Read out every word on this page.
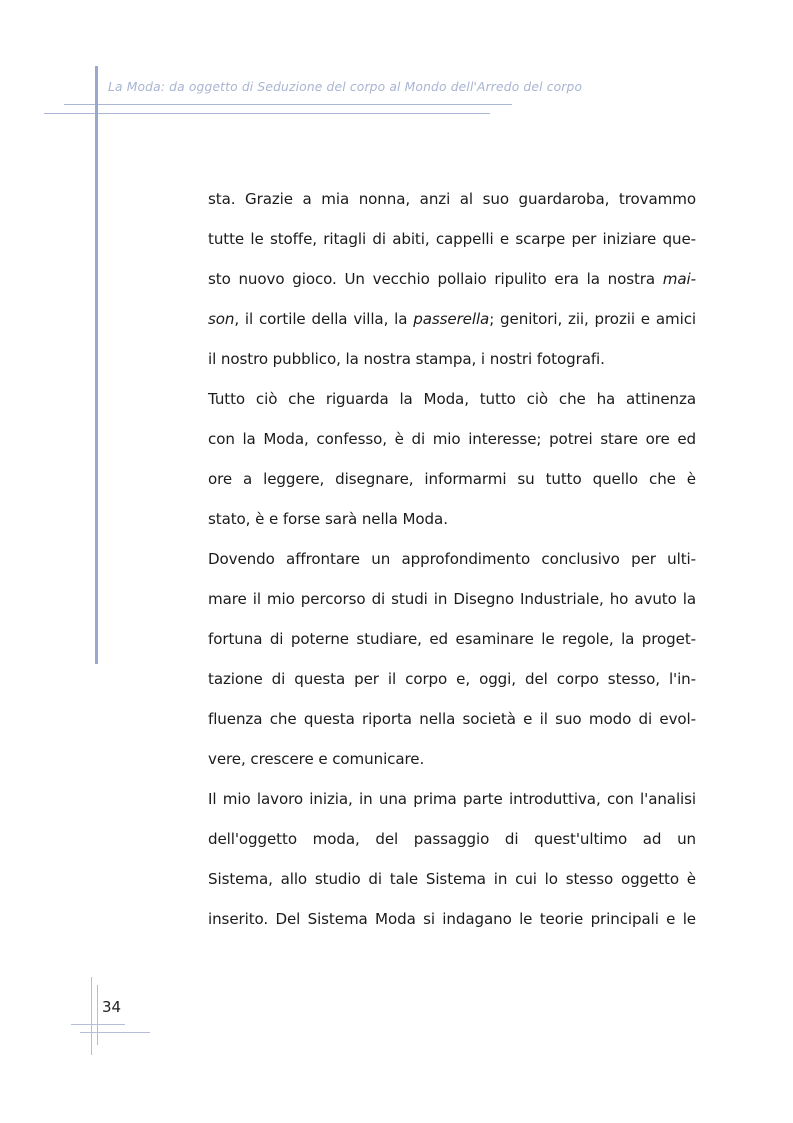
La Moda: da oggetto di Seduzione del corpo al Mondo dell'Arredo del corpo
sta. Grazie a mia nonna, anzi al suo guardaroba, trovammo
tutte le stoffe, ritagli di abiti, cappelli e scarpe per iniziare que-
sto nuovo gioco. Un vecchio pollaio ripulito era la nostra mai-
son, il cortile della villa, la passerella; genitori, zii, prozii e amici
il nostro pubblico, la nostra stampa, i nostri fotografi.
Tutto ciò che riguarda la Moda, tutto ciò che ha attinenza
con la Moda, confesso, è di mio interesse; potrei stare ore ed
ore a leggere, disegnare, informarmi su tutto quello che è
stato, è e forse sarà nella Moda.
Dovendo affrontare un approfondimento conclusivo per ulti-
mare il mio percorso di studi in Disegno Industriale, ho avuto la
fortuna di poterne studiare, ed esaminare le regole, la proget-
tazione di questa per il corpo e, oggi, del corpo stesso, l'in-
fluenza che questa riporta nella società e il suo modo di evol-
vere, crescere e comunicare.
Il mio lavoro inizia, in una prima parte introduttiva, con l'analisi
dell'oggetto moda, del passaggio di quest'ultimo ad un
Sistema, allo studio di tale Sistema in cui lo stesso oggetto è
inserito. Del Sistema Moda si indagano le teorie principali e le
34
